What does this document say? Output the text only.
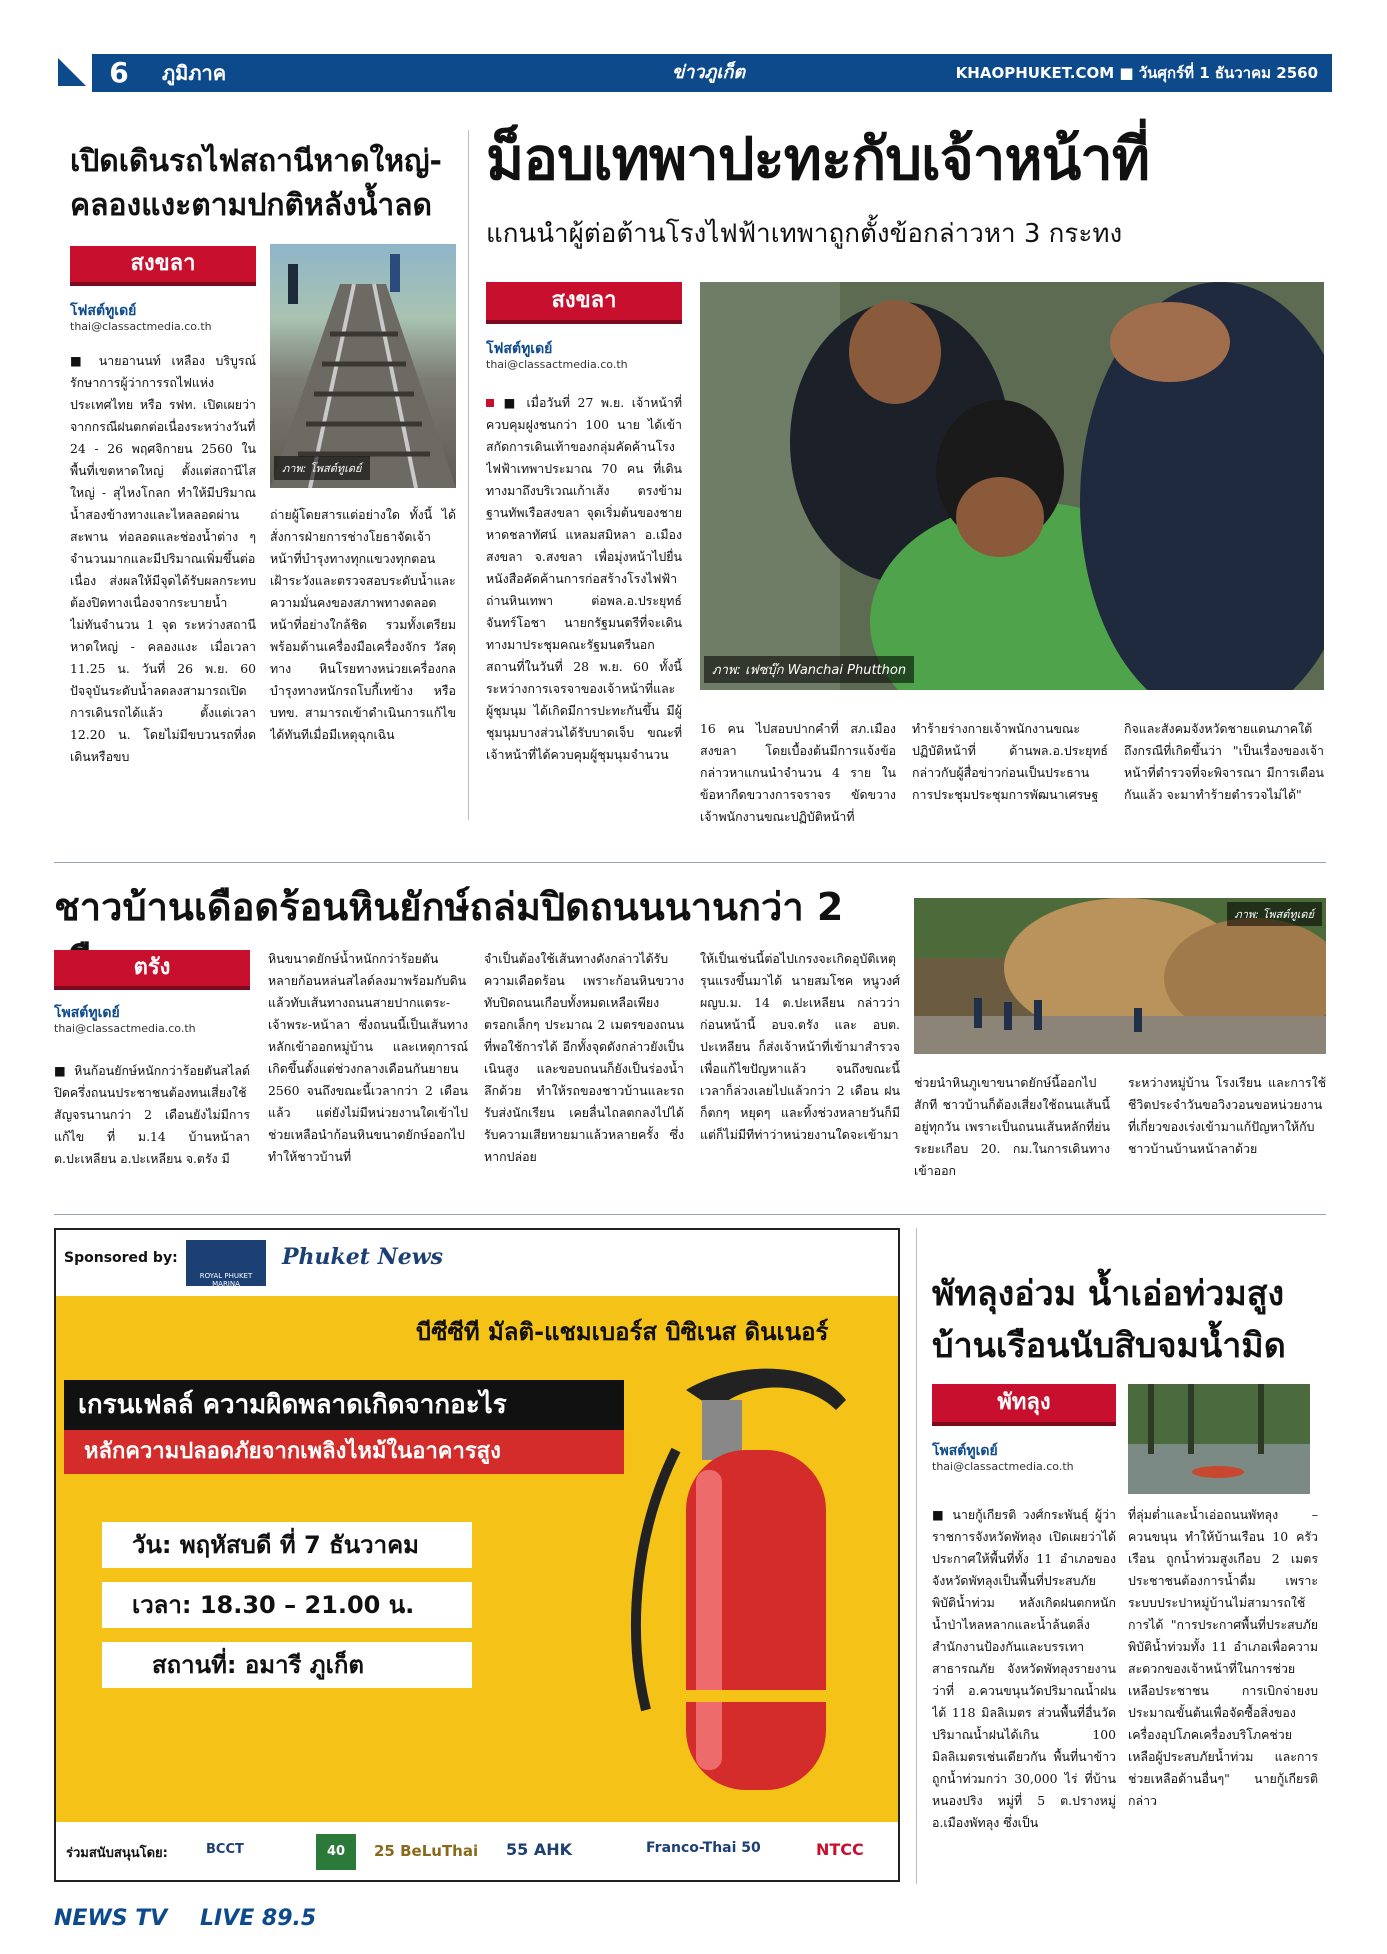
6	ภูมิภาค	ข่าวภูเก็ต	KHAOPHUKET.COM ■ วันศุกร์ที่ 1 ธันวาคม 2560
เปิดเดินรถไฟสถานีหาดใหญ่-คลองแงะตามปกติหลังน้ำลด
สงขลา
โฟสต์ทูเดย์
thai@classactmedia.co.th
ภาพ: โพสต์ทูเดย์
■ นายอานนท์ เหลือง บริบูรณ์ รักษาการผู้ว่าการรถไฟแห่งประเทศไทย หรือ รฟท. เปิดเผยว่าจากกรณีฝนตกต่อเนื่องระหว่างวันที่ 24 - 26 พฤศจิกายน 2560 ในพื้นที่เขตหาดใหญ่ ตั้งแต่สถานีไสใหญ่ - สุไหงโกลก ทำให้มีปริมาณน้ำสองข้างทางและไหลลอดผ่านสะพาน ท่อลอดและช่องน้ำต่าง ๆ จำนวนมากและมีปริมาณเพิ่มขึ้นต่อเนื่อง ส่งผลให้มีจุดได้รับผลกระทบต้องปิดทางเนื่องจากระบายน้ำไม่ทันจำนวน 1 จุด ระหว่างสถานีหาดใหญ่ - คลองแงะ เมื่อเวลา 11.25 น. วันที่ 26 พ.ย. 60 ปัจจุบันระดับน้ำลดลงสามารถเปิดการเดินรถได้แล้ว ตั้งแต่เวลา 12.20 น. โดยไม่มีขบวนรถที่งดเดินหรือขบ
ถ่ายผู้โดยสารแต่อย่างใด ทั้งนี้ ได้สั่งการฝ่ายการช่างโยธาจัดเจ้าหน้าที่บำรุงทางทุกแขวงทุกตอน เฝ้าระวังและตรวจสอบระดับน้ำและความมั่นคงของสภาพทางตลอดหน้าที่อย่างใกล้ชิด รวมทั้งเตรียมพร้อมด้านเครื่องมือเครื่องจักร วัสดุทาง หินโรยทางหน่วยเครื่องกลบำรุงทางหนักรถโบกี้เทข้าง หรือ บทข. สามารถเข้าดำเนินการแก้ไขได้ทันทีเมื่อมีเหตุฉุกเฉิน
ม็อบเทพาปะทะกับเจ้าหน้าที่
แกนนำผู้ต่อต้านโรงไฟฟ้าเทพาถูกตั้งข้อกล่าวหา 3 กระทง
สงขลา
โฟสต์ทูเดย์
thai@classactmedia.co.th
ภาพ: เฟซบุ๊ก Wanchai Phutthon
■ เมื่อวันที่ 27 พ.ย. เจ้าหน้าที่ควบคุมฝูงชนกว่า 100 นาย ได้เข้าสกัดการเดินเท้าของกลุ่มคัดค้านโรงไฟฟ้าเทพาประมาณ 70 คน ที่เดินทางมาถึงบริเวณเก้าเส้ง ตรงข้ามฐานทัพเรือสงขลา จุดเริ่มต้นของชายหาดชลาทัศน์ แหลมสมิหลา อ.เมืองสงขลา จ.สงขลา เพื่อมุ่งหน้าไปยื่นหนังสือคัดค้านการก่อสร้างโรงไฟฟ้าถ่านหินเทพา ต่อพล.อ.ประยุทธ์ จันทร์โอชา นายกรัฐมนตรีที่จะเดินทางมาประชุมคณะรัฐมนตรีนอกสถานที่ในวันที่ 28 พ.ย. 60 ทั้งนี้ระหว่างการเจรจาของเจ้าหน้าที่และผู้ชุมนุม ได้เกิดมีการปะทะกันขึ้น มีผู้ชุมนุมบางส่วนได้รับบาดเจ็บ ขณะที่เจ้าหน้าที่ได้ควบคุมผู้ชุมนุมจำนวน
16 คน ไปสอบปากคำที่ สภ.เมืองสงขลา โดยเบื้องต้นมีการแจ้งข้อกล่าวหาแกนนำจำนวน 4 ราย ในข้อหากีดขวางการจราจร ขัดขวางเจ้าพนักงานขณะปฏิบัติหน้าที่
ทำร้ายร่างกายเจ้าพนักงานขณะปฏิบัติหน้าที่ ด้านพล.อ.ประยุทธ์ กล่าวกับผู้สื่อข่าวก่อนเป็นประธานการประชุมประชุมการพัฒนาเศรษฐ
กิจและสังคมจังหวัดชายแดนภาคใต้ ถึงกรณีที่เกิดขึ้นว่า "เป็นเรื่องของเจ้าหน้าที่ตำรวจที่จะพิจารณา มีการเตือนกันแล้ว จะมาทำร้ายตำรวจไม่ได้"
ชาวบ้านเดือดร้อนหินยักษ์ถล่มปิดถนนนานกว่า 2
ตรัง
โพสต์ทูเดย์
thai@classactmedia.co.th
■ หินก้อนยักษ์หนักกว่าร้อยตันสไลด์ปิดครึ่งถนนประชาชนต้องทนเสี่ยงใช้สัญจรนานกว่า 2 เดือนยังไม่มีการแก้ไข ที่ ม.14 บ้านหน้าลา ต.ปะเหลียน อ.ปะเหลียน จ.ตรัง มี
หินขนาดยักษ์น้ำหนักกว่าร้อยตันหลายก้อนหล่นสไลด์ลงมาพร้อมกับดินแล้วทับเส้นทางถนนสายปากแตระ-เจ้าพระ-หน้าลา ซึ่งถนนนี้เป็นเส้นทางหลักเข้าออกหมู่บ้าน และเหตุการณ์เกิดขึ้นตั้งแต่ช่วงกลางเดือนกันยายน 2560 จนถึงขณะนี้เวลากว่า 2 เดือนแล้ว แต่ยังไม่มีหน่วยงานใดเข้าไปช่วยเหลือนำก้อนหินขนาดยักษ์ออกไปทำให้ชาวบ้านที่
จำเป็นต้องใช้เส้นทางดังกล่าวได้รับความเดือดร้อน เพราะก้อนหินขวางทับปิดถนนเกือบทั้งหมดเหลือเพียงตรอกเล็กๆ ประมาณ 2 เมตรของถนนที่พอใช้การได้ อีกทั้งจุดดังกล่าวยังเป็นเนินสูง และขอบถนนก็ยังเป็นร่องน้ำลึกด้วย ทำให้รถของชาวบ้านและรถรับส่งนักเรียน เคยลื่นไถลตกลงไปได้รับความเสียหายมาแล้วหลายครั้ง ซึ่งหากปล่อย
ให้เป็นเช่นนี้ต่อไปเกรงจะเกิดอุบัติเหตุรุนแรงขึ้นมาได้ นายสมโชค หนูวงศ์ ผญบ.ม. 14 ต.ปะเหลียน กล่าวว่า ก่อนหน้านี้ อบจ.ตรัง และ อบต. ปะเหลียน ก็ส่งเจ้าหน้าที่เข้ามาสำรวจเพื่อแก้ไขปัญหาแล้ว จนถึงขณะนี้เวลาก็ล่วงเลยไปแล้วกว่า 2 เดือน ฝนก็ตกๆ หยุดๆ และทิ้งช่วงหลายวันก็มีแต่ก็ไม่มีทีท่าว่าหน่วยงานใดจะเข้ามา
ภาพ: โพสต์ทูเดย์
ช่วยนำหินภูเขาขนาดยักษ์นี้ออกไปสักที ชาวบ้านก็ต้องเสี่ยงใช้ถนนเส้นนี้อยู่ทุกวัน เพราะเป็นถนนเส้นหลักที่ย่นระยะเกือบ 20. กม.ในการเดินทางเข้าออก
ระหว่างหมู่บ้าน โรงเรียน และการใช้ชีวิตประจำวันขอวิงวอนขอหน่วยงานที่เกี่ยวของเร่งเข้ามาแก้ปัญหาให้กับชาวบ้านบ้านหน้าลาด้วย
Sponsored by:
ROYAL PHUKET MARINA
Phuket News
บีซีซีที มัลติ-แชมเบอร์ส บิซิเนส ดินเนอร์
เกรนเฟลล์ ความผิดพลาดเกิดจากอะไร
หลักความปลอดภัยจากเพลิงไหม้ในอาคารสูง
วัน: พฤหัสบดี ที่ 7 ธันวาคม
เวลา: 18.30 – 21.00 น.
สถานที่: อมารี ภูเก็ต
ร่วมสนับสนุนโดย:	BCCT	40	25 BeLuThai 55 AHK	Franco-Thai 50	NTCC
พัทลุงอ่วม น้ำเอ่อท่วมสูงบ้านเรือนนับสิบจมน้ำมิด
พัทลุง
โพสต์ทูเดย์
thai@classactmedia.co.th
■ นายกู้เกียรติ วงศ์กระพันธุ์ ผู้ว่าราชการจังหวัดพัทลุง เปิดเผยว่าได้ประกาศให้พื้นที่ทั้ง 11 อำเภอของจังหวัดพัทลุงเป็นพื้นที่ประสบภัยพิบัติน้ำท่วม หลังเกิดฝนตกหนัก น้ำป่าไหลหลากและน้ำล้นตลิ่ง สำนักงานป้องกันและบรรเทาสาธารณภัย จังหวัดพัทลุงรายงานว่าที่ อ.ควนขนุนวัดปริมาณน้ำฝนได้ 118 มิลลิเมตร ส่วนพื้นที่อื่นวัดปริมาณน้ำฝนได้เกิน 100 มิลลิเมตรเช่นเดียวกัน พื้นที่นาข้าวถูกน้ำท่วมกว่า 30,000 ไร่ ที่บ้านหนองปริง หมู่ที่ 5 ต.ปรางหมู่ อ.เมืองพัทลุง ซึ่งเป็น
ที่ลุ่มต่ำและน้ำเอ่อถนนพัทลุง – ควนขนุน ทำให้บ้านเรือน 10 ครัวเรือน ถูกน้ำท่วมสูงเกือบ 2 เมตร ประชาชนต้องการน้ำดื่ม เพราะระบบประปาหมู่บ้านไม่สามารถใช้การได้ "การประกาศพื้นที่ประสบภัยพิบัติน้ำท่วมทั้ง 11 อำเภอเพื่อความสะดวกของเจ้าหน้าที่ในการช่วยเหลือประชาชน การเบิกจ่ายงบประมาณขั้นต้นเพื่อจัดซื้อสิ่งของเครื่องอุปโภคเครื่องบริโภคช่วยเหลือผู้ประสบภัยน้ำท่วม และการช่วยเหลือด้านอื่นๆ" นายกู้เกียรติ กล่าว
NEWS TV LIVE 89.5
